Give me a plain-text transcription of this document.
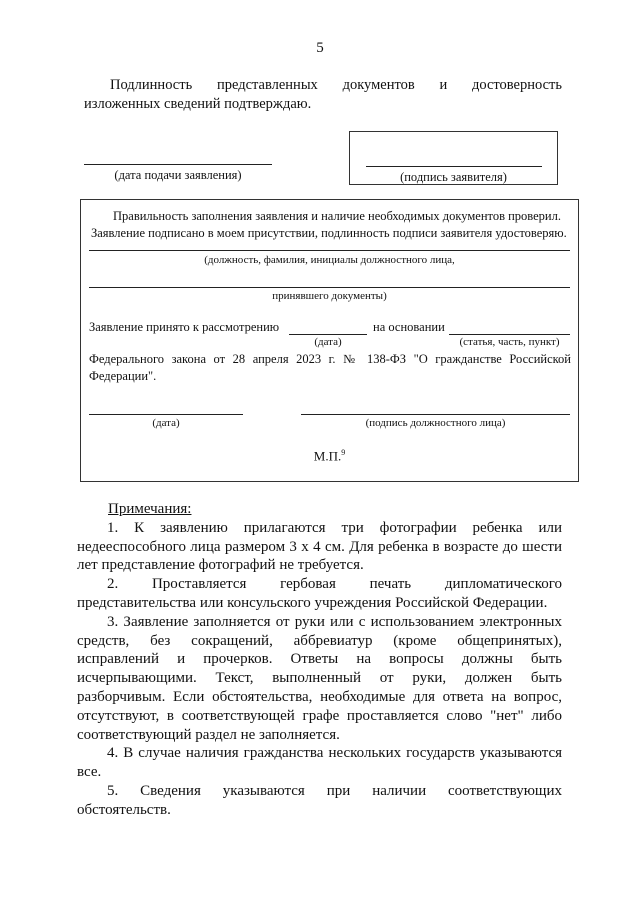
5
Подлинность представленных документов и достоверность
изложенных сведений подтверждаю.
(дата подачи заявления)	(подпись заявителя)
Правильность заполнения заявления и наличие необходимых документов проверил.
Заявление подписано в моем присутствии, подлинность подписи заявителя удостоверяю.
(должность, фамилия, инициалы должностного лица,
принявшего документы)
Заявление принято к рассмотрению
(дата)
на основании
(статья, часть, пункт)
Федерального закона от 28 апреля 2023 г. № 138-ФЗ "О гражданстве Российской
Федерации".
(дата)	(подпись должностного лица)
М.П.$^9$
Примечания:

1. К заявлению прилагаются три фотографии ребенка или недееспособного лица размером 3 х 4 см. Для ребенка в возрасте до шести лет представление фотографий не требуется.

2. Проставляется гербовая печать дипломатического представительства или консульского учреждения Российской Федерации.

3. Заявление заполняется от руки или с использованием электронных средств, без сокращений, аббревиатур (кроме общепринятых), исправлений и прочерков. Ответы на вопросы должны быть исчерпывающими. Текст, выполненный от руки, должен быть разборчивым. Если обстоятельства, необходимые для ответа на вопрос, отсутствуют, в соответствующей графе проставляется слово "нет" либо соответствующий раздел не заполняется.

4. В случае наличия гражданства нескольких государств указываются все.

5. Сведения указываются при наличии соответствующих обстоятельств.
